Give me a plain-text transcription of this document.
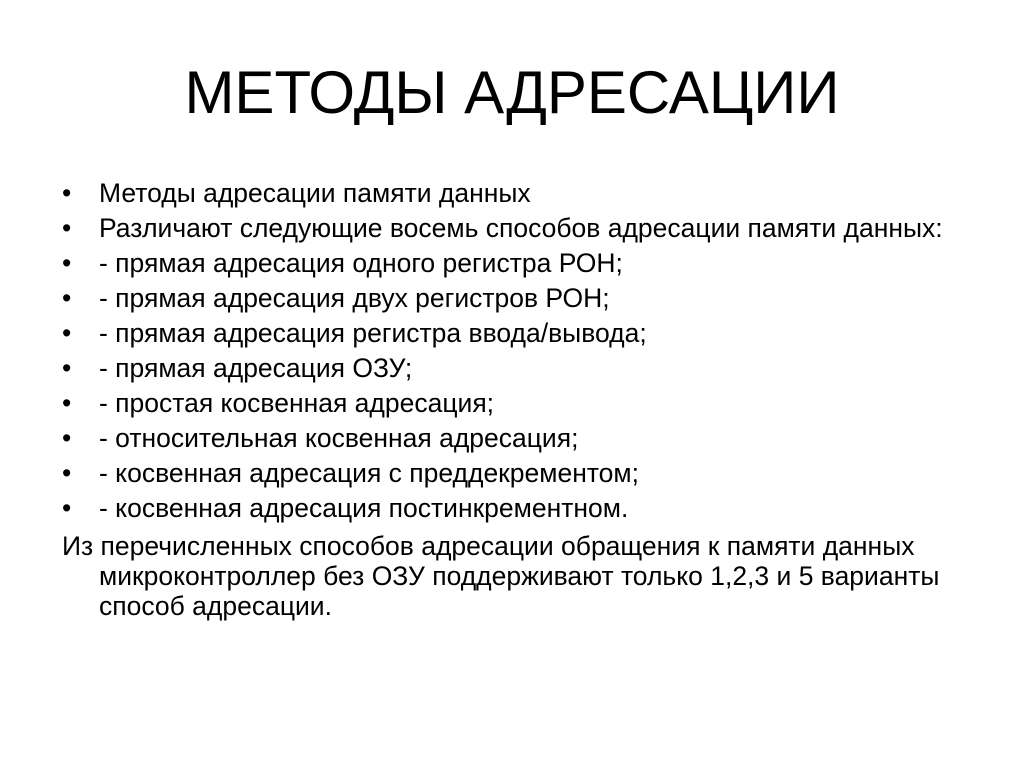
МЕТОДЫ АДРЕСАЦИИ
• Методы адресации памяти данных
• Различают следующие восемь способов адресации памяти данных:
• - прямая адресация одного регистра РОН;
• - прямая адресация двух регистров РОН;
• - прямая адресация регистра ввода/вывода;
• - прямая адресация ОЗУ;
• - простая косвенная адресация;
• - относительная косвенная адресация;
• - косвенная адресация с преддекрементом;
• - косвенная адресация постинкрементном.

Из перечисленных способов адресации обращения к памяти данных микроконтроллер без ОЗУ поддерживают только 1,2,3 и 5 варианты способ адресации.
